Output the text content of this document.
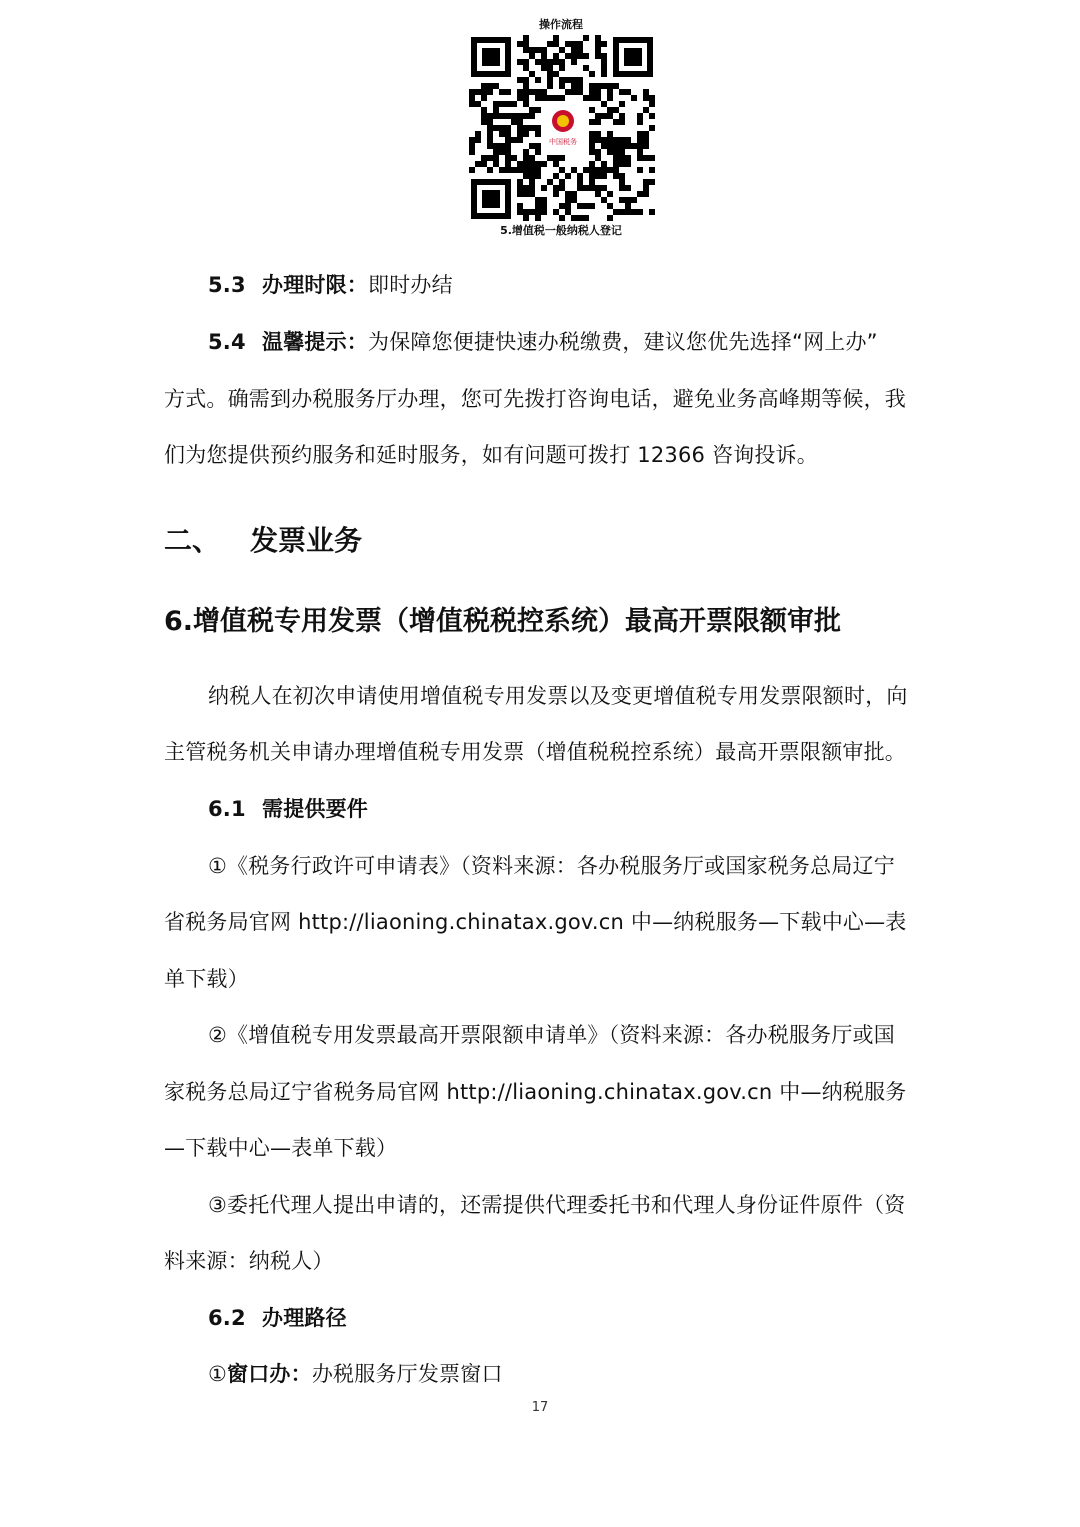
操作流程

中国税务

5.增值税一般纳税人登记

5.3 办理时限：即时办结

5.4 温馨提示：为保障您便捷快速办税缴费，建议您优先选择“网上办”

方式。确需到办税服务厅办理，您可先拨打咨询电话，避免业务高峰期等候，我

们为您提供预约服务和延时服务，如有问题可拨打 12366 咨询投诉。

二、 发票业务

6.增值税专用发票（增值税税控系统）最高开票限额审批

纳税人在初次申请使用增值税专用发票以及变更增值税专用发票限额时，向

主管税务机关申请办理增值税专用发票（增值税税控系统）最高开票限额审批。

6.1 需提供要件

①《税务行政许可申请表》（资料来源：各办税服务厅或国家税务总局辽宁

省税务局官网 http://liaoning.chinatax.gov.cn 中—纳税服务—下载中心—表

单下载）

②《增值税专用发票最高开票限额申请单》（资料来源：各办税服务厅或国

家税务总局辽宁省税务局官网 http://liaoning.chinatax.gov.cn 中—纳税服务

—下载中心—表单下载）

③委托代理人提出申请的，还需提供代理委托书和代理人身份证件原件（资

料来源：纳税人）

6.2 办理路径

①窗口办：办税服务厅发票窗口

17
